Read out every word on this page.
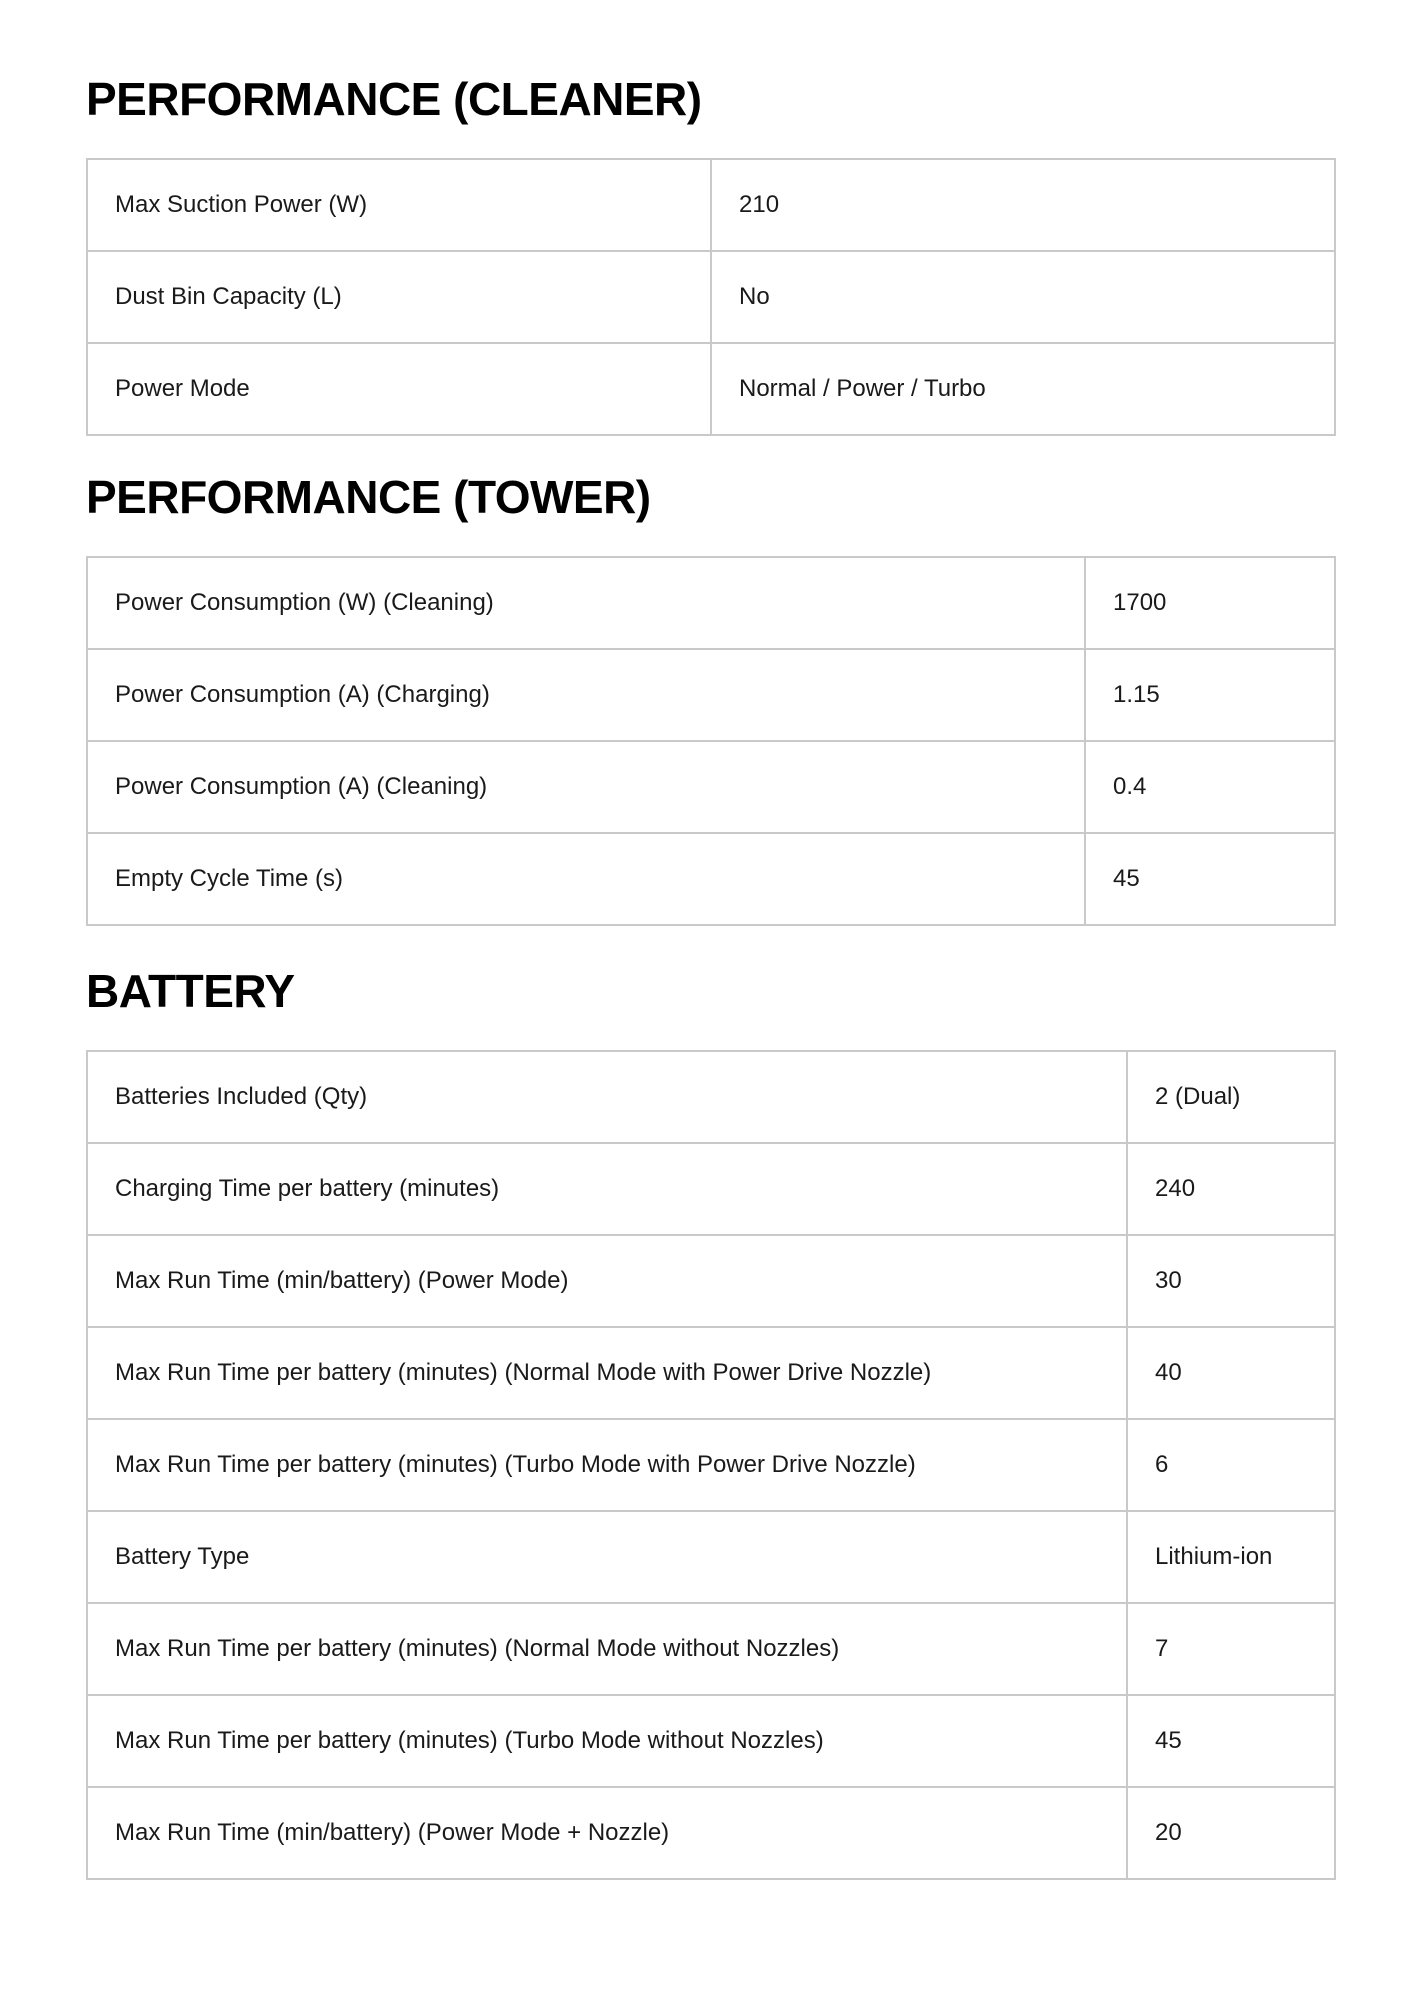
PERFORMANCE (CLEANER)
Max Suction Power (W)	210
Dust Bin Capacity (L)	No
Power Mode	Normal / Power / Turbo
PERFORMANCE (TOWER)
Power Consumption (W) (Cleaning)	1700
Power Consumption (A) (Charging)	1.15
Power Consumption (A) (Cleaning)	0.4
Empty Cycle Time (s)	45
BATTERY
Batteries Included (Qty)	2 (Dual)
Charging Time per battery (minutes)	240
Max Run Time (min/battery) (Power Mode)	30
Max Run Time per battery (minutes) (Normal Mode with Power Drive Nozzle)	40
Max Run Time per battery (minutes) (Turbo Mode with Power Drive Nozzle)	6
Battery Type	Lithium-ion
Max Run Time per battery (minutes) (Normal Mode without Nozzles)	7
Max Run Time per battery (minutes) (Turbo Mode without Nozzles)	45
Max Run Time (min/battery) (Power Mode + Nozzle)	20
